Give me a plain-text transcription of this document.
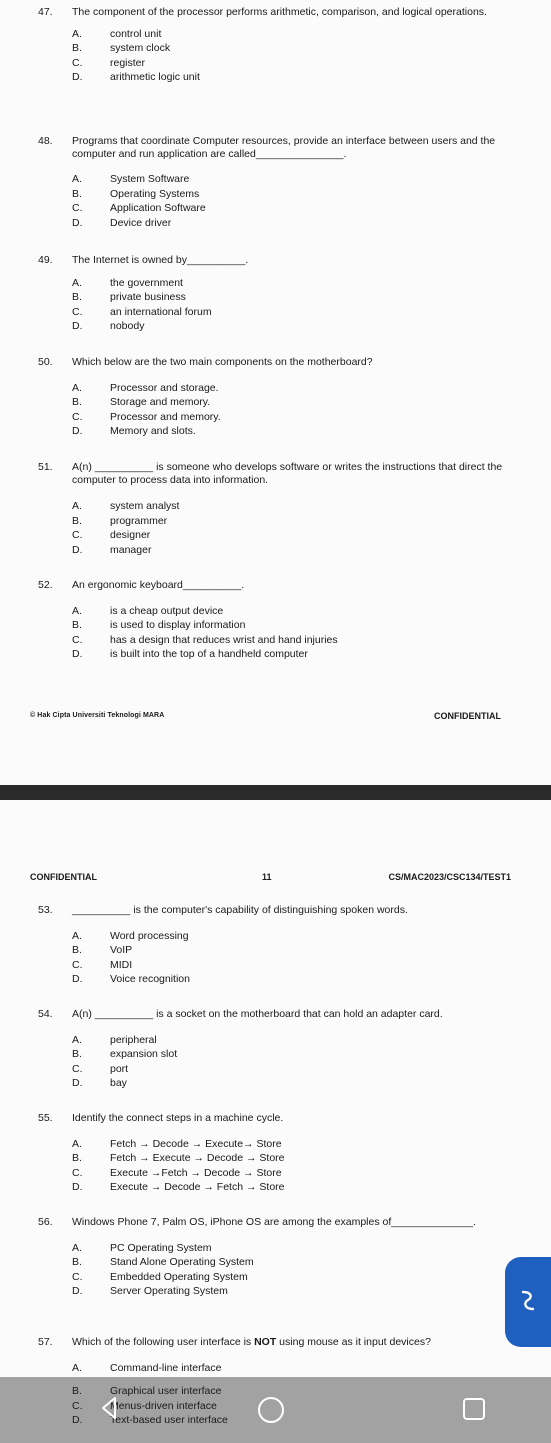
47.	The component of the processor performs arithmetic, comparison, and logical operations.
A.	control unit
B.	system clock
C.	register
D.	arithmetic logic unit
48.	Programs that coordinate Computer resources, provide an interface between users and the computer and run application are called_______________.
A.	System Software
B.	Operating Systems
C.	Application Software
D.	Device driver
49.	The Internet is owned by__________.
A.	the government
B.	private business
C.	an international forum
D.	nobody
50.	Which below are the two main components on the motherboard?
A.	Processor and storage.
B.	Storage and memory.
C.	Processor and memory.
D.	Memory and slots.
51.	A(n) __________ is someone who develops software or writes the instructions that direct the computer to process data into information.
A.	system analyst
B.	programmer
C.	designer
D.	manager
52.	An ergonomic keyboard__________.
A.	is a cheap output device
B.	is used to display information
C.	has a design that reduces wrist and hand injuries
D.	is built into the top of a handheld computer
© Hak Cipta Universiti Teknologi MARA	CONFIDENTIAL
CONFIDENTIAL	11	CS/MAC2023/CSC134/TEST1
53.	__________ is the computer's capability of distinguishing spoken words.
A.	Word processing
B.	VoIP
C.	MIDI
D.	Voice recognition
54.	A(n) __________ is a socket on the motherboard that can hold an adapter card.
A.	peripheral
B.	expansion slot
C.	port
D.	bay
55.	Identify the connect steps in a machine cycle.
A.	Fetch → Decode → Execute→ Store
B.	Fetch → Execute → Decode → Store
C.	Execute →Fetch → Decode → Store
D.	Execute → Decode → Fetch → Store
56.	Windows Phone 7, Palm OS, iPhone OS are among the examples of______________.
A.	PC Operating System
B.	Stand Alone Operating System
C.	Embedded Operating System
D.	Server Operating System
57.	Which of the following user interface is NOT using mouse as it input devices?
A.	Command-line interface
B.	Graphical user interface
C.	Menus-driven interface
D.	Text-based user interface
